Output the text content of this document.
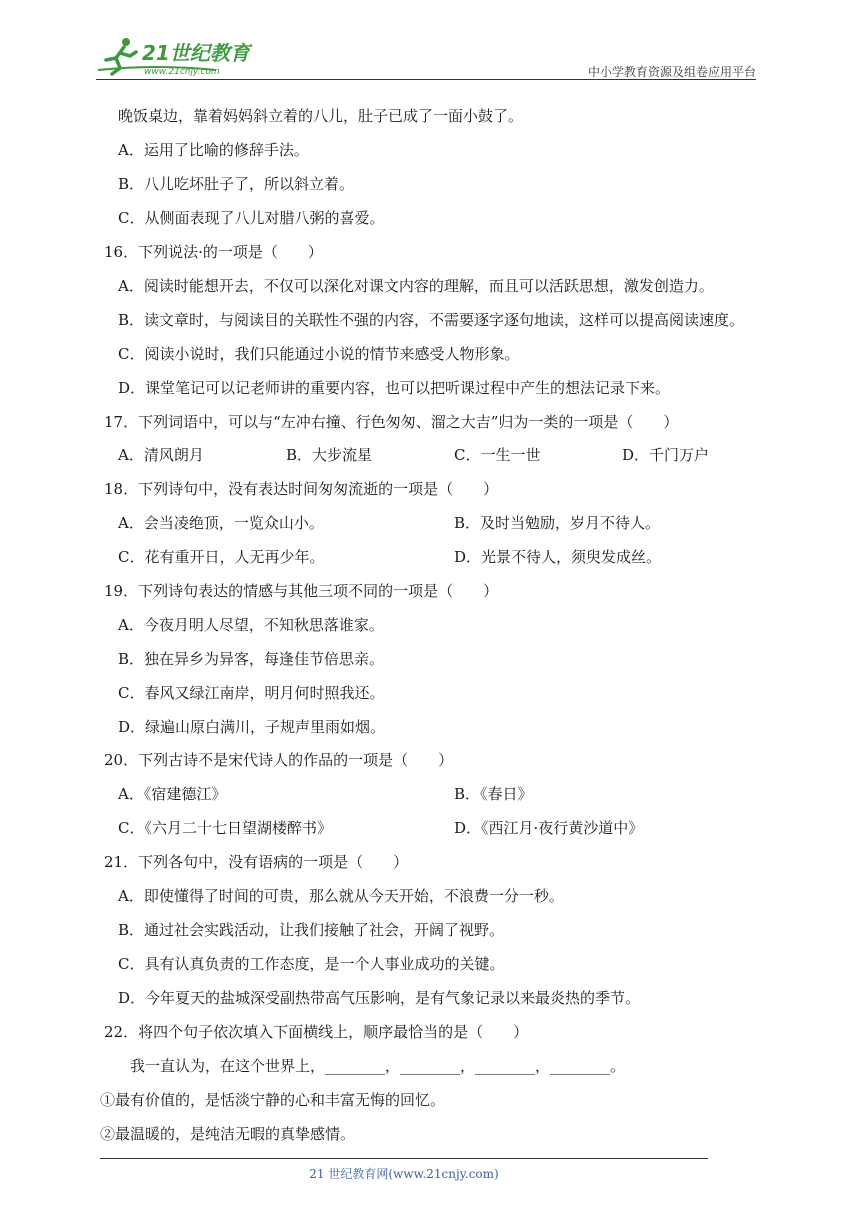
21世纪教育
www.21cnjy.com	中小学教育资源及组卷应用平台
晚饭桌边，靠着妈妈斜立着的八儿，肚子已成了一面小鼓了。
A．运用了比喻的修辞手法。
B．八儿吃坏肚子了，所以斜立着。
C．从侧面表现了八儿对腊八粥的喜爱。
16．下列说法·的一项是（　　）
A．阅读时能想开去，不仅可以深化对课文内容的理解，而且可以活跃思想，激发创造力。
B．读文章时，与阅读目的关联性不强的内容，不需要逐字逐句地读，这样可以提高阅读速度。
C．阅读小说时，我们只能通过小说的情节来感受人物形象。
D．课堂笔记可以记老师讲的重要内容，也可以把听课过程中产生的想法记录下来。
17．下列词语中，可以与“左冲右撞、行色匆匆、溜之大吉”归为一类的一项是（　　）
A．清风朗月	B．大步流星	C．一生一世	D．千门万户
18．下列诗句中，没有表达时间匆匆流逝的一项是（　　）
A．会当凌绝顶，一览众山小。	B．及时当勉励，岁月不待人。
C．花有重开日，人无再少年。	D．光景不待人，须臾发成丝。
19．下列诗句表达的情感与其他三项不同的一项是（　　）
A．今夜月明人尽望，不知秋思落谁家。
B．独在异乡为异客，每逢佳节倍思亲。
C．春风又绿江南岸，明月何时照我还。
D．绿遍山原白满川，子规声里雨如烟。
20．下列古诗不是宋代诗人的作品的一项是（　　）
A．《宿建德江》	B．《春日》
C．《六月二十七日望湖楼醉书》	D．《西江月·夜行黄沙道中》
21．下列各句中，没有语病的一项是（　　）
A．即使懂得了时间的可贵，那么就从今天开始，不浪费一分一秒。
B．通过社会实践活动，让我们接触了社会，开阔了视野。
C．具有认真负责的工作态度，是一个人事业成功的关键。
D．今年夏天的盐城深受副热带高气压影响，是有气象记录以来最炎热的季节。
22．将四个句子依次填入下面横线上，顺序最恰当的是（　　）
我一直认为，在这个世界上，________，________，________，________。
①最有价值的，是恬淡宁静的心和丰富无悔的回忆。
②最温暖的，是纯洁无暇的真挚感情。
21 世纪教育网(www.21cnjy.com)
